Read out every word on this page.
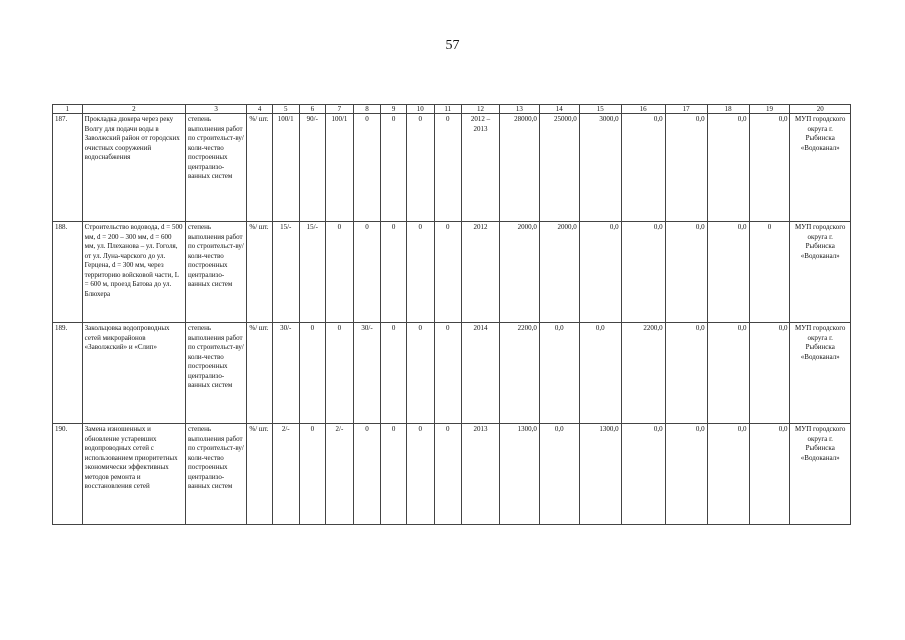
57
1	2	3	4	5	6	7	8	9	10	11	12	13	14	15	16	17	18	19	20
187.	Прокладка дюкера через реку Волгу для подачи воды в Заволжский район от городских очистных сооружений водоснабжения	степень выполнения работ по строительст-ву/ коли-чество построенных централизо-ванных систем	%/ шт.	100/1	90/-	100/1	0	0	0	0	2012 – 2013	28000,0	25000,0	3000,0	0,0	0,0	0,0	0,0	МУП городского округа г. Рыбинска «Водоканал»
188.	Строительство водовода, d = 500 мм, d = 200 – 300 мм, d = 600 мм, ул. Плеханова – ул. Гоголя, от ул. Луна-чарского до ул. Герцена, d = 300 мм, через территорию войсковой части, L = 600 м, проезд Батова до ул. Блюхера	степень выполнения работ по строительст-ву/ коли-чество построенных централизо-ванных систем	%/ шт.	15/-	15/-	0	0	0	0	0	2012	2000,0	2000,0	0,0	0,0	0,0	0,0	0	МУП городского округа г. Рыбинска «Водоканал»
189.	Закольцовка водопроводных сетей микрорайонов «Заволжский» и «Слип»	степень выполнения работ по строительст-ву/ коли-чество построенных централизо-ванных систем	%/ шт.	30/-	0	0	30/-	0	0	0	2014	2200,0	0,0	0,0	2200,0	0,0	0,0	0,0	МУП городского округа г. Рыбинска «Водоканал»
190.	Замена изношенных и обновление устаревших водопроводных сетей с использованием приоритетных экономически эффективных методов ремонта и восстановления сетей	степень выполнения работ по строительст-ву/ коли-чество построенных централизо-ванных систем	%/ шт.	2/-	0	2/-	0	0	0	0	2013	1300,0	0,0	1300,0	0,0	0,0	0,0	0,0	МУП городского округа г. Рыбинска «Водоканал»
